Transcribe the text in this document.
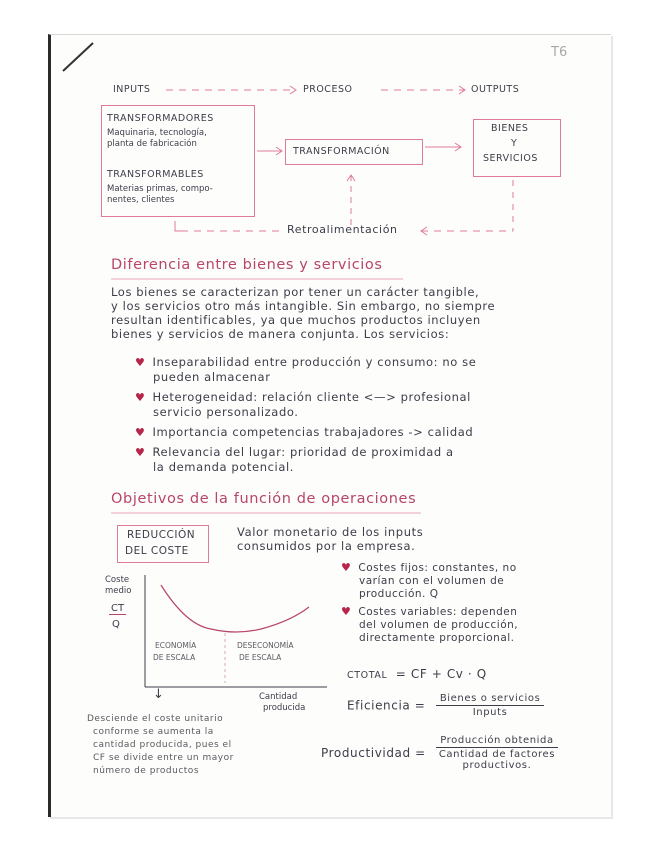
T6
INPUTS	PROCESO	OUTPUTS
TRANSFORMADORES
Maquinaria, tecnología,
planta de fabricación
TRANSFORMABLES
Materias primas, compo-
nentes, clientes
TRANSFORMACIÓN
BIENES
Y
SERVICIOS
Retroalimentación
Diferencia entre bienes y servicios
Los bienes se caracterizan por tener un carácter tangible,
y los servicios otro más intangible. Sin embargo, no siempre
resultan identificables, ya que muchos productos incluyen
bienes y servicios de manera conjunta. Los servicios:
♥ Inseparabilidad entre producción y consumo: no se
pueden almacenar
♥ Heterogeneidad: relación cliente <—> profesional
servicio personalizado.
♥ Importancia competencias trabajadores -> calidad
♥ Relevancia del lugar: prioridad de proximidad a
la demanda potencial.
Objetivos de la función de operaciones
REDUCCIÓN
DEL COSTE
Valor monetario de los inputs
consumidos por la empresa.
♥ Costes fijos: constantes, no
varían con el volumen de
producción. Q
♥ Costes variables: dependen
del volumen de producción,
directamente proporcional.
Coste
medio
CT
Q
ECONOMÍA
DE ESCALA
DESECONOMÍA
DE ESCALA
Cantidad
producida
↓
Desciende el coste unitario
conforme se aumenta la
cantidad producida, pues el
CF se divide entre un mayor
número de productos
CTOTAL = CF + Cv · Q
Eficiencia = $\frac{\text{Bienes o servicios}}{\text{Inputs}}$
Productividad =
Producción obtenida
Cantidad de factores
productivos.
